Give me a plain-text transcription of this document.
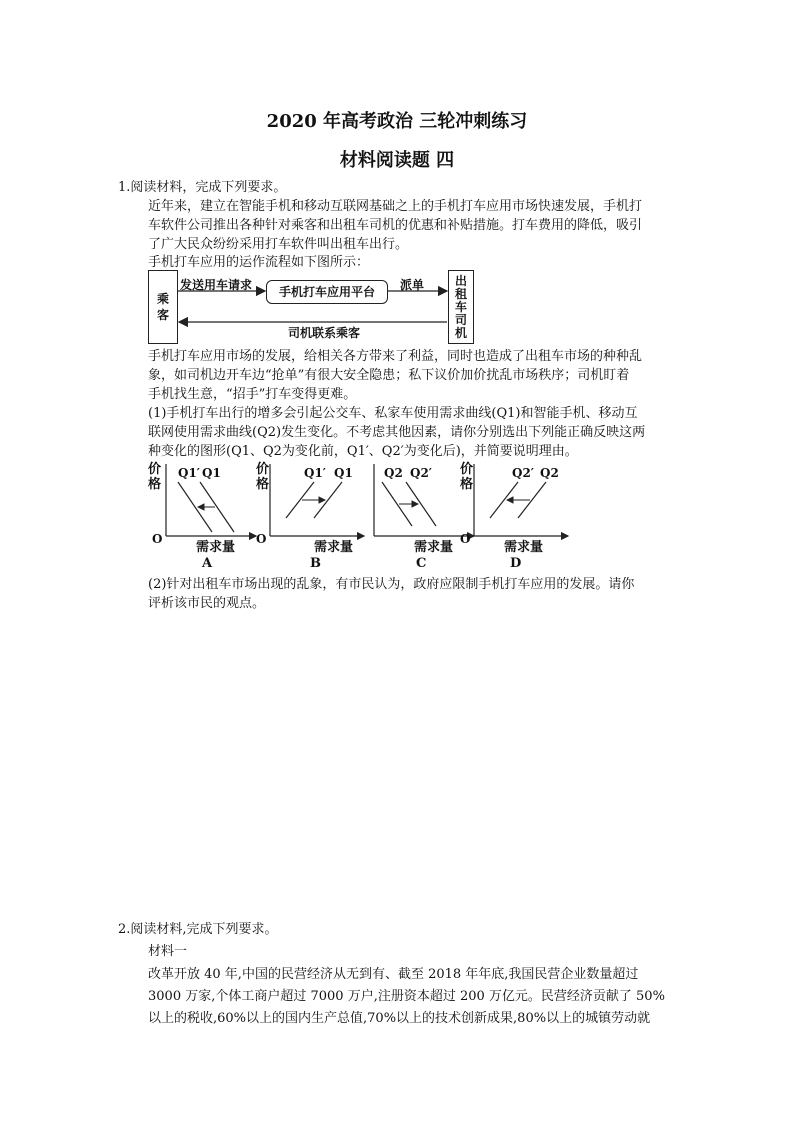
2020 年高考政治 三轮冲刺练习
材料阅读题 四
1.阅读材料，完成下列要求。
近年来，建立在智能手机和移动互联网基础之上的手机打车应用市场快速发展，手机打
车软件公司推出各种针对乘客和出租车司机的优惠和补贴措施。打车费用的降低，吸引
了广大民众纷纷采用打车软件叫出租车出行。
手机打车应用的运作流程如下图所示：
乘
客
发送用车请求	手机打车应用平台	派单	出
租
车
司
机
司机联系乘客
手机打车应用市场的发展，给相关各方带来了利益，同时也造成了出租车市场的种种乱
象，如司机边开车边“抢单”有很大安全隐患；私下议价加价扰乱市场秩序；司机盯着
手机找生意，“招手”打车变得更难。
(1)手机打车出行的增多会引起公交车、私家车使用需求曲线(Q1)和智能手机、移动互
联网使用需求曲线(Q2)发生变化。不考虑其他因素，请你分别选出下列能正确反映这两
种变化的图形(Q1、Q2为变化前，Q1′、Q2′为变化后)，并简要说明理由。
价
格
Q1′ Q1
O
需求量
A
价
格
Q1′ Q1
O
需求量
B
Q2 Q2′
需求量
C
价
格
Q2′ Q2
O
需求量
D
(2)针对出租车市场出现的乱象，有市民认为，政府应限制手机打车应用的发展。请你
评析该市民的观点。
2.阅读材料,完成下列要求。
材料一
改革开放 40 年,中国的民营经济从无到有、截至 2018 年年底,我国民营企业数量超过
3000 万家,个体工商户超过 7000 万户,注册资本超过 200 万亿元。民营经济贡献了 50%
以上的税收,60%以上的国内生产总值,70%以上的技术创新成果,80%以上的城镇劳动就
